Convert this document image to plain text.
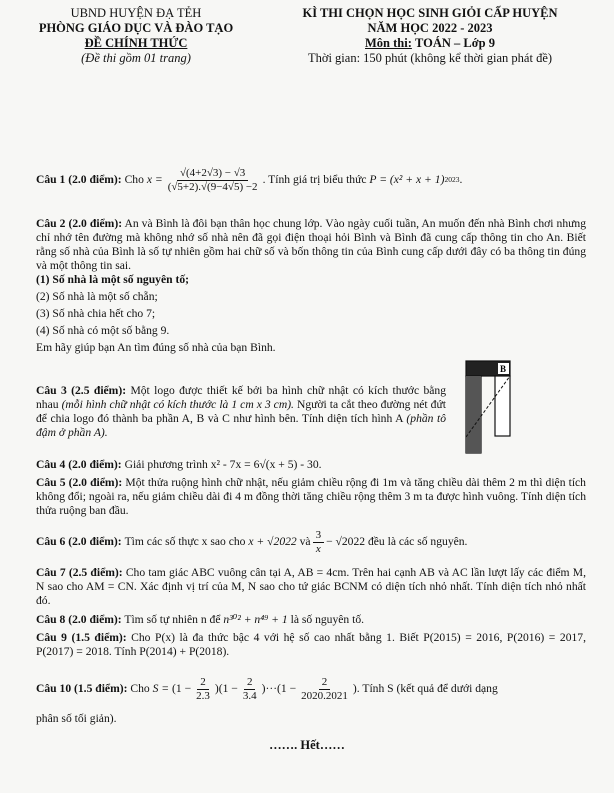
UBND HUYỆN ĐẠ TẺH
PHÒNG GIÁO DỤC VÀ ĐÀO TẠO
ĐỀ CHÍNH THỨC
(Đề thi gồm 01 trang)
KÌ THI CHỌN HỌC SINH GIỎI CẤP HUYỆN
NĂM HỌC 2022 - 2023
Môn thi: TOÁN – Lớp 9
Thời gian: 150 phút (không kể thời gian phát đề)
Câu 1 (2.0 điểm):
Cho
$x = \frac{√(4+2√3) - √3}{(√5+2).√(9-4√5) -2}$ . Tính giá trị biểu thức
P = (x² + x + 1) 2023 .

Câu 2 (2.0 điểm): An và Bình là đôi bạn thân học chung lớp. Vào ngày cuối tuần, An muốn đến nhà Bình chơi nhưng chỉ nhớ tên đường mà không nhớ số nhà nên đã gọi điện thoại hỏi Bình và Bình đã cung cấp thông tin cho An. Biết rằng số nhà của Bình là số tự nhiên gồm hai chữ số và bốn thông tin của Bình cung cấp dưới đây có ba thông tin đúng và một thông tin sai.

(1) Số nhà là một số nguyên tố;

(2) Số nhà là một số chẵn;

(3) Số nhà chia hết cho 7;

(4) Số nhà có một số bằng 9.

Em hãy giúp bạn An tìm đúng số nhà của bạn Bình.

Câu 3 (2.5 điểm): Một logo được thiết kế bởi ba hình chữ nhật có kích thước bằng nhau (mỗi hình chữ nhật có kích thước là 1 cm x 3 cm). Người ta cắt theo đường nét đứt để chia logo đó thành ba phần A, B và C như hình bên. Tính diện tích hình A (phần tô đậm ở phần A).

B
Câu 4 (2.0 điểm): Giải phương trình x² - 7x = 6√(x + 5) - 30.

Câu 5 (2.0 điểm): Một thửa ruộng hình chữ nhật, nếu giảm chiều rộng đi 1m và tăng chiều dài thêm 2 m thì diện tích không đổi; ngoài ra, nếu giảm chiều dài đi 4 m đồng thời tăng chiều rộng thêm 3 m ta được hình vuông. Tính diện tích thửa ruộng ban đầu.

Câu 6 (2.0 điểm):
Tìm các số thực x sao cho
x + √2022
và $\frac{3}{x} - √2022$
đều là các số nguyên.

Câu 7 (2.5 điểm): Cho tam giác ABC vuông cân tại A, AB = 4cm. Trên hai cạnh AB và AC lần lượt lấy các điểm M, N sao cho AM = CN. Xác định vị trí của M, N sao cho tứ giác BCNM có diện tích nhỏ nhất. Tính diện tích nhỏ nhất đó.

Câu 8 (2.0 điểm): Tìm số tự nhiên n để n³⁰² + n⁴⁹ + 1 là số nguyên tố.

Câu 9 (1.5 điểm): Cho P(x) là đa thức bậc 4 với hệ số cao nhất bằng 1. Biết P(2015) = 2016, P(2016) = 2017, P(2017) = 2018. Tính P(2014) + P(2018).

Câu 10 (1.5 điểm):
Cho
$S = (1 - \frac{2}{2.3} )(1 - \frac{2}{3.4} )\cdot\cdot\cdot(1 - \frac{2}{2020.2021}$ ) . Tính S (kết quả để dưới dạng
phân số tối giản).
……. Hết……
